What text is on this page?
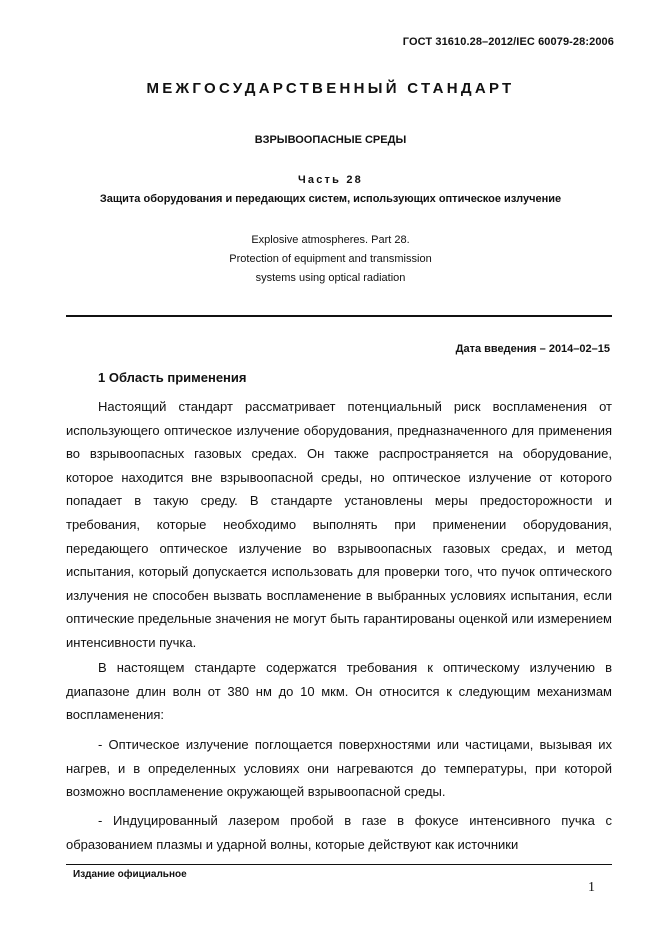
ГОСТ 31610.28–2012/IEC 60079-28:2006
МЕЖГОСУДАРСТВЕННЫЙ СТАНДАРТ
ВЗРЫВООПАСНЫЕ СРЕДЫ
Часть 28
Защита оборудования и передающих систем, использующих оптическое излучение
Explosive atmospheres. Part 28.
Protection of equipment and transmission
systems using optical radiation
Дата введения – 2014–02–15
1 Область применения

Настоящий стандарт рассматривает потенциальный риск воспламенения от использующего оптическое излучение оборудования, предназначенного для применения во взрывоопасных газовых средах. Он также распространяется на оборудование, которое находится вне взрывоопасной среды, но оптическое излучение от которого попадает в такую среду. В стандарте установлены меры предосторожности и требования, которые необходимо выполнять при применении оборудования, передающего оптическое излучение во взрывоопасных газовых средах, и метод испытания, который допускается использовать для проверки того, что пучок оптического излучения не способен вызвать воспламенение в выбранных условиях испытания, если оптические предельные значения не могут быть гарантированы оценкой или измерением интенсивности пучка.

В настоящем стандарте содержатся требования к оптическому излучению в диапазоне длин волн от 380 нм до 10 мкм. Он относится к следующим механизмам воспламенения:

- Оптическое излучение поглощается поверхностями или частицами, вызывая их нагрев, и в определенных условиях они нагреваются до температуры, при которой возможно воспламенение окружающей взрывоопасной среды.

- Индуцированный лазером пробой в газе в фокусе интенсивного пучка с образованием плазмы и ударной волны, которые действуют как источники

Издание официальное
1
